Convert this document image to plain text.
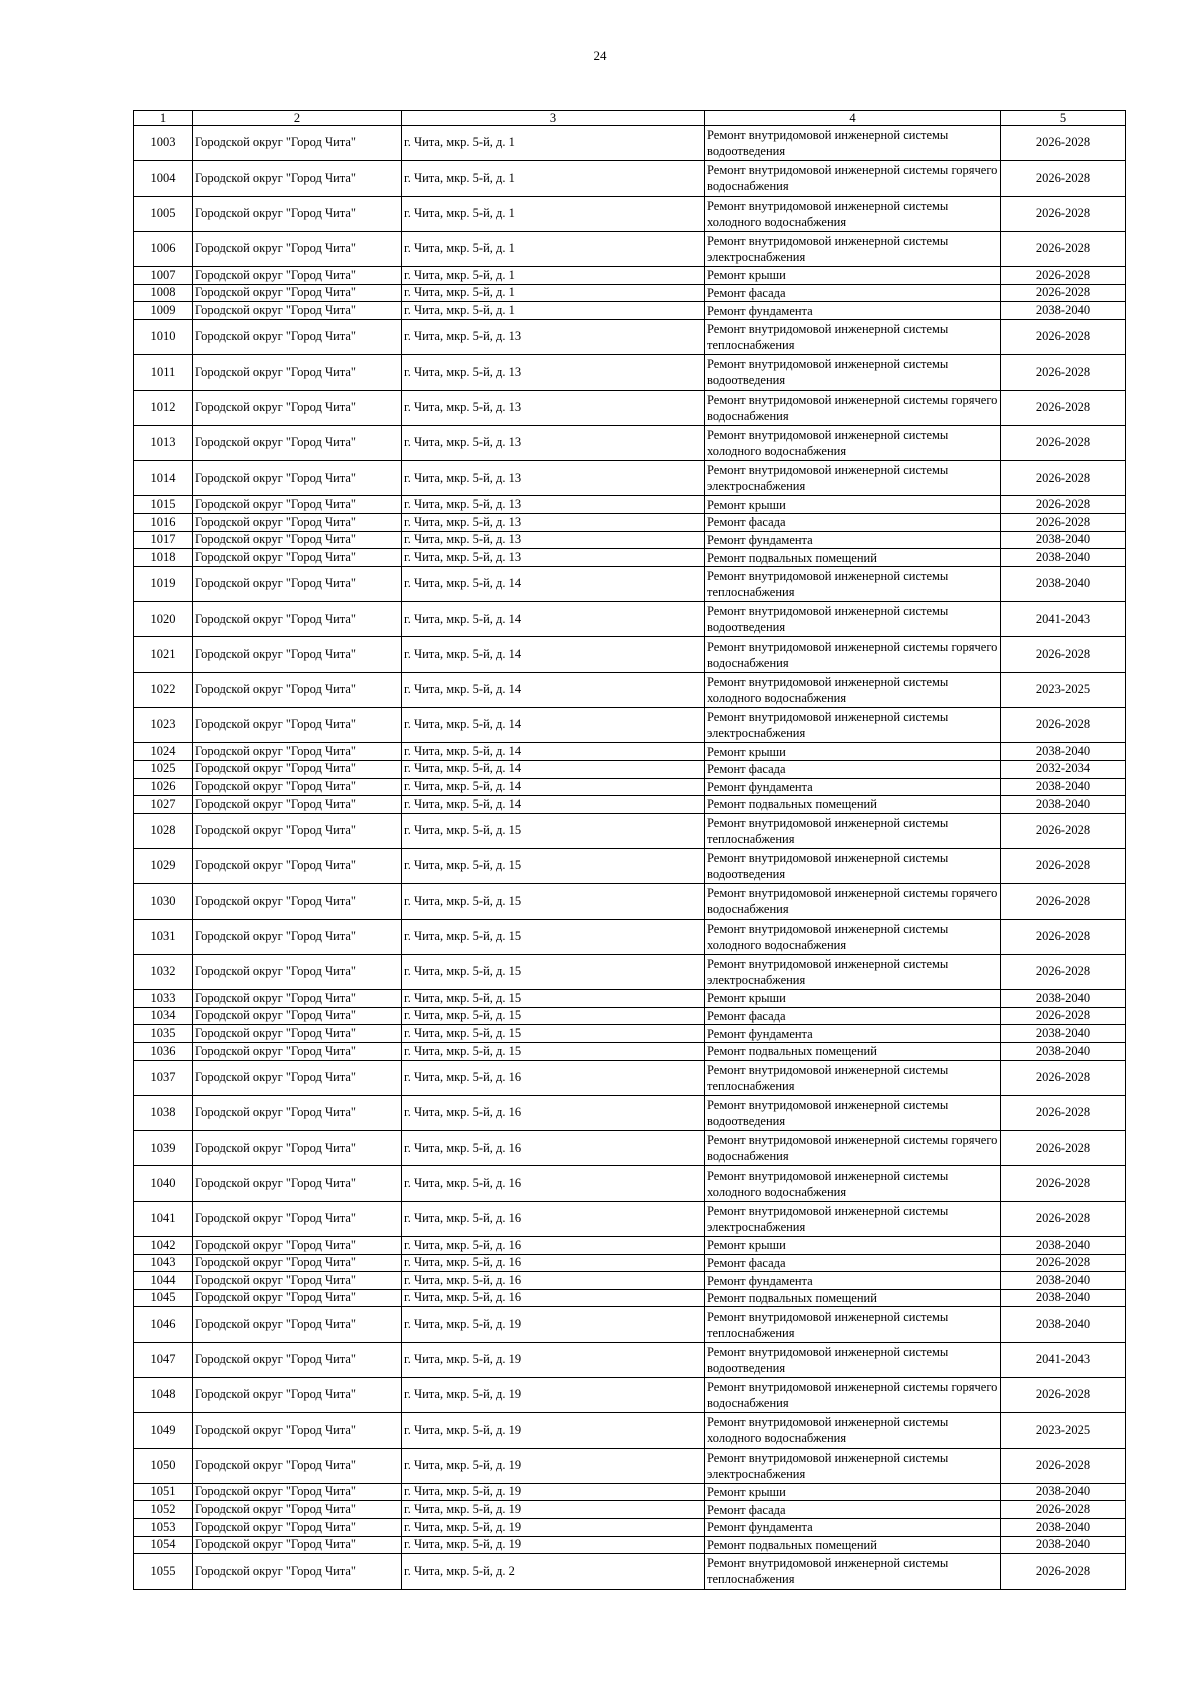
24
1	2	3	4	5
1003	Городской округ "Город Чита"	г. Чита, мкр. 5-й, д. 1	Ремонт внутридомовой инженерной системы водоотведения	2026-2028
1004	Городской округ "Город Чита"	г. Чита, мкр. 5-й, д. 1	Ремонт внутридомовой инженерной системы горячего водоснабжения	2026-2028
1005	Городской округ "Город Чита"	г. Чита, мкр. 5-й, д. 1	Ремонт внутридомовой инженерной системы холодного водоснабжения	2026-2028
1006	Городской округ "Город Чита"	г. Чита, мкр. 5-й, д. 1	Ремонт внутридомовой инженерной системы электроснабжения	2026-2028
1007	Городской округ "Город Чита"	г. Чита, мкр. 5-й, д. 1	Ремонт крыши	2026-2028
1008	Городской округ "Город Чита"	г. Чита, мкр. 5-й, д. 1	Ремонт фасада	2026-2028
1009	Городской округ "Город Чита"	г. Чита, мкр. 5-й, д. 1	Ремонт фундамента	2038-2040
1010	Городской округ "Город Чита"	г. Чита, мкр. 5-й, д. 13	Ремонт внутридомовой инженерной системы теплоснабжения	2026-2028
1011	Городской округ "Город Чита"	г. Чита, мкр. 5-й, д. 13	Ремонт внутридомовой инженерной системы водоотведения	2026-2028
1012	Городской округ "Город Чита"	г. Чита, мкр. 5-й, д. 13	Ремонт внутридомовой инженерной системы горячего водоснабжения	2026-2028
1013	Городской округ "Город Чита"	г. Чита, мкр. 5-й, д. 13	Ремонт внутридомовой инженерной системы холодного водоснабжения	2026-2028
1014	Городской округ "Город Чита"	г. Чита, мкр. 5-й, д. 13	Ремонт внутридомовой инженерной системы электроснабжения	2026-2028
1015	Городской округ "Город Чита"	г. Чита, мкр. 5-й, д. 13	Ремонт крыши	2026-2028
1016	Городской округ "Город Чита"	г. Чита, мкр. 5-й, д. 13	Ремонт фасада	2026-2028
1017	Городской округ "Город Чита"	г. Чита, мкр. 5-й, д. 13	Ремонт фундамента	2038-2040
1018	Городской округ "Город Чита"	г. Чита, мкр. 5-й, д. 13	Ремонт подвальных помещений	2038-2040
1019	Городской округ "Город Чита"	г. Чита, мкр. 5-й, д. 14	Ремонт внутридомовой инженерной системы теплоснабжения	2038-2040
1020	Городской округ "Город Чита"	г. Чита, мкр. 5-й, д. 14	Ремонт внутридомовой инженерной системы водоотведения	2041-2043
1021	Городской округ "Город Чита"	г. Чита, мкр. 5-й, д. 14	Ремонт внутридомовой инженерной системы горячего водоснабжения	2026-2028
1022	Городской округ "Город Чита"	г. Чита, мкр. 5-й, д. 14	Ремонт внутридомовой инженерной системы холодного водоснабжения	2023-2025
1023	Городской округ "Город Чита"	г. Чита, мкр. 5-й, д. 14	Ремонт внутридомовой инженерной системы электроснабжения	2026-2028
1024	Городской округ "Город Чита"	г. Чита, мкр. 5-й, д. 14	Ремонт крыши	2038-2040
1025	Городской округ "Город Чита"	г. Чита, мкр. 5-й, д. 14	Ремонт фасада	2032-2034
1026	Городской округ "Город Чита"	г. Чита, мкр. 5-й, д. 14	Ремонт фундамента	2038-2040
1027	Городской округ "Город Чита"	г. Чита, мкр. 5-й, д. 14	Ремонт подвальных помещений	2038-2040
1028	Городской округ "Город Чита"	г. Чита, мкр. 5-й, д. 15	Ремонт внутридомовой инженерной системы теплоснабжения	2026-2028
1029	Городской округ "Город Чита"	г. Чита, мкр. 5-й, д. 15	Ремонт внутридомовой инженерной системы водоотведения	2026-2028
1030	Городской округ "Город Чита"	г. Чита, мкр. 5-й, д. 15	Ремонт внутридомовой инженерной системы горячего водоснабжения	2026-2028
1031	Городской округ "Город Чита"	г. Чита, мкр. 5-й, д. 15	Ремонт внутридомовой инженерной системы холодного водоснабжения	2026-2028
1032	Городской округ "Город Чита"	г. Чита, мкр. 5-й, д. 15	Ремонт внутридомовой инженерной системы электроснабжения	2026-2028
1033	Городской округ "Город Чита"	г. Чита, мкр. 5-й, д. 15	Ремонт крыши	2038-2040
1034	Городской округ "Город Чита"	г. Чита, мкр. 5-й, д. 15	Ремонт фасада	2026-2028
1035	Городской округ "Город Чита"	г. Чита, мкр. 5-й, д. 15	Ремонт фундамента	2038-2040
1036	Городской округ "Город Чита"	г. Чита, мкр. 5-й, д. 15	Ремонт подвальных помещений	2038-2040
1037	Городской округ "Город Чита"	г. Чита, мкр. 5-й, д. 16	Ремонт внутридомовой инженерной системы теплоснабжения	2026-2028
1038	Городской округ "Город Чита"	г. Чита, мкр. 5-й, д. 16	Ремонт внутридомовой инженерной системы водоотведения	2026-2028
1039	Городской округ "Город Чита"	г. Чита, мкр. 5-й, д. 16	Ремонт внутридомовой инженерной системы горячего водоснабжения	2026-2028
1040	Городской округ "Город Чита"	г. Чита, мкр. 5-й, д. 16	Ремонт внутридомовой инженерной системы холодного водоснабжения	2026-2028
1041	Городской округ "Город Чита"	г. Чита, мкр. 5-й, д. 16	Ремонт внутридомовой инженерной системы электроснабжения	2026-2028
1042	Городской округ "Город Чита"	г. Чита, мкр. 5-й, д. 16	Ремонт крыши	2038-2040
1043	Городской округ "Город Чита"	г. Чита, мкр. 5-й, д. 16	Ремонт фасада	2026-2028
1044	Городской округ "Город Чита"	г. Чита, мкр. 5-й, д. 16	Ремонт фундамента	2038-2040
1045	Городской округ "Город Чита"	г. Чита, мкр. 5-й, д. 16	Ремонт подвальных помещений	2038-2040
1046	Городской округ "Город Чита"	г. Чита, мкр. 5-й, д. 19	Ремонт внутридомовой инженерной системы теплоснабжения	2038-2040
1047	Городской округ "Город Чита"	г. Чита, мкр. 5-й, д. 19	Ремонт внутридомовой инженерной системы водоотведения	2041-2043
1048	Городской округ "Город Чита"	г. Чита, мкр. 5-й, д. 19	Ремонт внутридомовой инженерной системы горячего водоснабжения	2026-2028
1049	Городской округ "Город Чита"	г. Чита, мкр. 5-й, д. 19	Ремонт внутридомовой инженерной системы холодного водоснабжения	2023-2025
1050	Городской округ "Город Чита"	г. Чита, мкр. 5-й, д. 19	Ремонт внутридомовой инженерной системы электроснабжения	2026-2028
1051	Городской округ "Город Чита"	г. Чита, мкр. 5-й, д. 19	Ремонт крыши	2038-2040
1052	Городской округ "Город Чита"	г. Чита, мкр. 5-й, д. 19	Ремонт фасада	2026-2028
1053	Городской округ "Город Чита"	г. Чита, мкр. 5-й, д. 19	Ремонт фундамента	2038-2040
1054	Городской округ "Город Чита"	г. Чита, мкр. 5-й, д. 19	Ремонт подвальных помещений	2038-2040
1055	Городской округ "Город Чита"	г. Чита, мкр. 5-й, д. 2	Ремонт внутридомовой инженерной системы теплоснабжения	2026-2028
